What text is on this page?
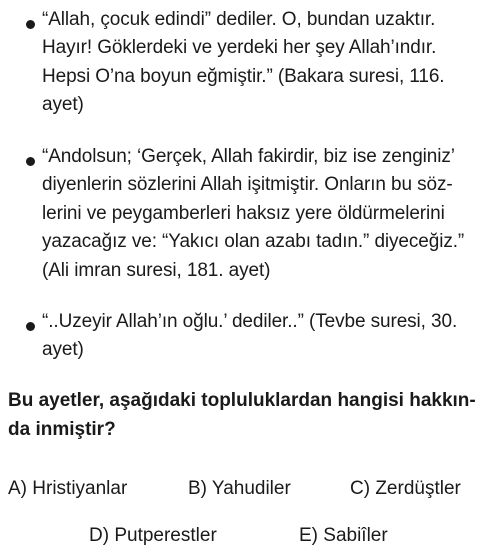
“Allah, çocuk edindi” dediler. O, bundan uzaktır.
Hayır! Göklerdeki ve yerdeki her şey Allah’ındır.
Hepsi O’na boyun eğmiştir.” (Bakara suresi, 116.
ayet)
“Andolsun; ‘Gerçek, Allah fakirdir, biz ise zenginiz’
diyenlerin sözlerini Allah işitmiştir. Onların bu söz-
lerini ve peygamberleri haksız yere öldürmelerini
yazacağız ve: “Yakıcı olan azabı tadın.” diyeceğiz.”
(Ali imran suresi, 181. ayet)
“..Uzeyir Allah’ın oğlu.’ dediler..” (Tevbe suresi, 30.
ayet)
Bu ayetler, aşağıdaki topluluklardan hangisi hakkın-
da inmiştir?
A) Hristiyanlar	B) Yahudiler	C) Zerdüştler
D) Putperestler	E) Sabiîler
